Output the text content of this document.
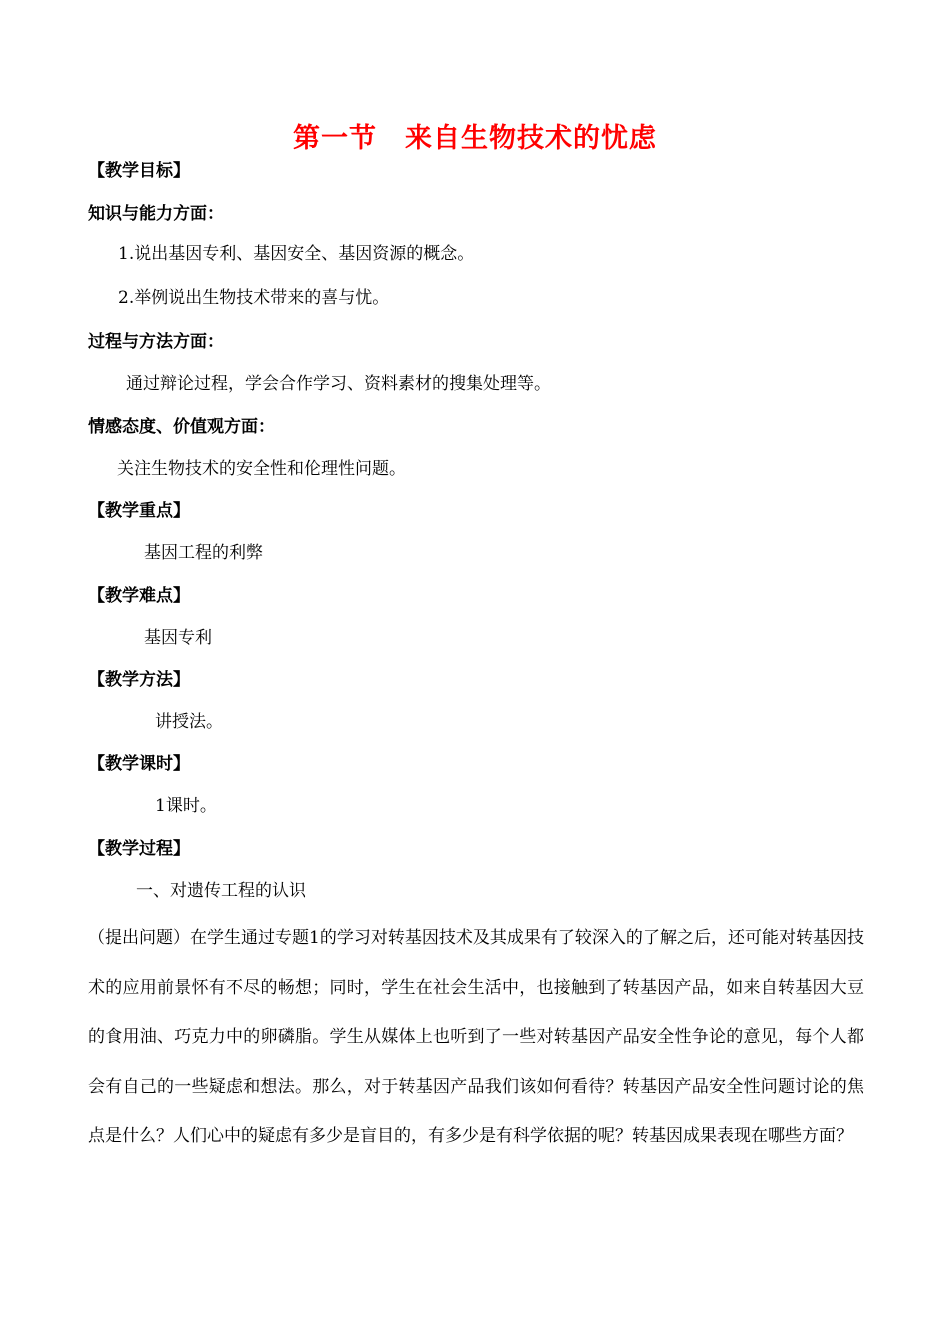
第一节　来自生物技术的忧虑
【教学目标】
知识与能力方面：
1.说出基因专利、基因安全、基因资源的概念。
2.举例说出生物技术带来的喜与忧。
过程与方法方面：
通过辩论过程，学会合作学习、资料素材的搜集处理等。
情感态度、价值观方面：
关注生物技术的安全性和伦理性问题。
【教学重点】
基因工程的利弊
【教学难点】
基因专利
【教学方法】
讲授法。
【教学课时】
1课时。
【教学过程】
一、对遗传工程的认识
（提出问题）在学生通过专题1的学习对转基因技术及其成果有了较深入的了解之后，还可能对转基因技术的应用前景怀有不尽的畅想；同时，学生在社会生活中，也接触到了转基因产品，如来自转基因大豆的食用油、巧克力中的卵磷脂。学生从媒体上也听到了一些对转基因产品安全性争论的意见，每个人都会有自己的一些疑虑和想法。那么，对于转基因产品我们该如何看待？转基因产品安全性问题讨论的焦点是什么？人们心中的疑虑有多少是盲目的，有多少是有科学依据的呢？转基因成果表现在哪些方面？
